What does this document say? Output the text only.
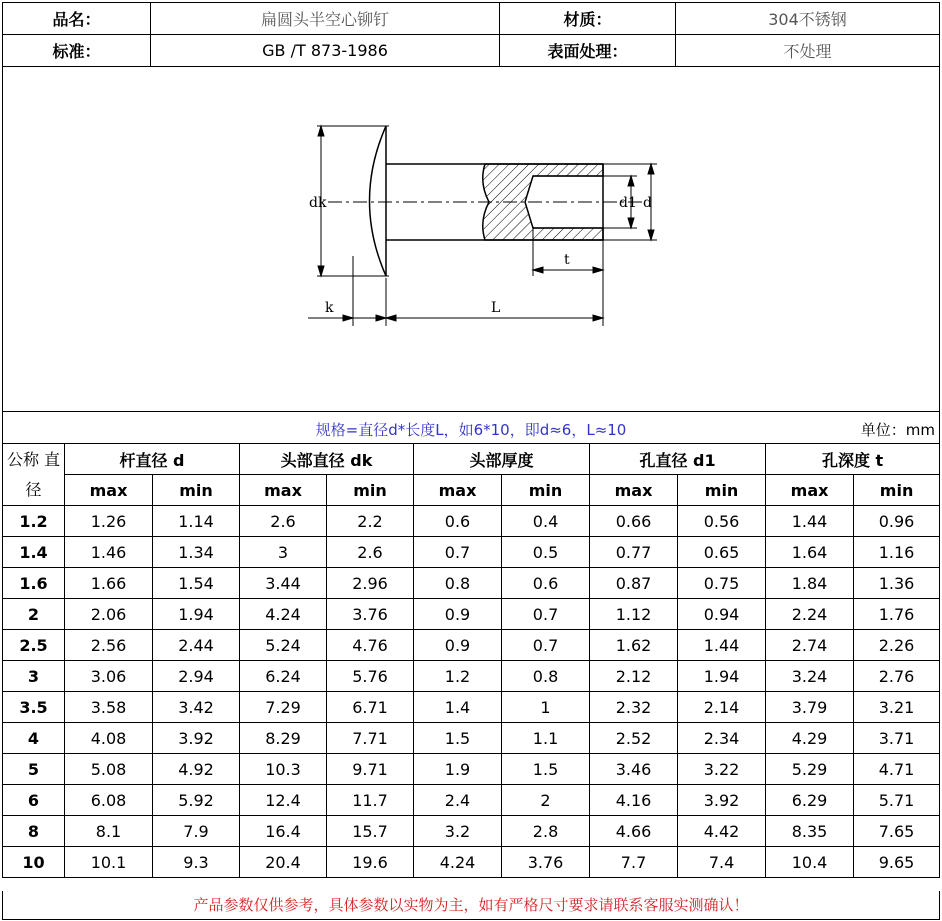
品名：	扁圆头半空心铆钉	材质：	304不锈钢
标准：	GB /T 873-1986	表面处理：	不处理
dk	d1 d
t
k	L
规格=直径d*长度L，如6*10，即d≈6，L≈10	单位：mm
公称 直
径	杆直径 d		头部直径 dk		头部厚度		孔直径 d1		孔深度 t	
	max	min	max	min	max	min	max	min	max	min
1.2	1.26	1.14	2.6	2.2	0.6	0.4	0.66	0.56	1.44	0.96
1.4	1.46	1.34	3	2.6	0.7	0.5	0.77	0.65	1.64	1.16
1.6	1.66	1.54	3.44	2.96	0.8	0.6	0.87	0.75	1.84	1.36
2	2.06	1.94	4.24	3.76	0.9	0.7	1.12	0.94	2.24	1.76
2.5	2.56	2.44	5.24	4.76	0.9	0.7	1.62	1.44	2.74	2.26
3	3.06	2.94	6.24	5.76	1.2	0.8	2.12	1.94	3.24	2.76
3.5	3.58	3.42	7.29	6.71	1.4	1	2.32	2.14	3.79	3.21
4	4.08	3.92	8.29	7.71	1.5	1.1	2.52	2.34	4.29	3.71
5	5.08	4.92	10.3	9.71	1.9	1.5	3.46	3.22	5.29	4.71
6	6.08	5.92	12.4	11.7	2.4	2	4.16	3.92	6.29	5.71
8	8.1	7.9	16.4	15.7	3.2	2.8	4.66	4.42	8.35	7.65
10	10.1	9.3	20.4	19.6	4.24	3.76	7.7	7.4	10.4	9.65
产品参数仅供参考，具体参数以实物为主，如有严格尺寸要求请联系客服实测确认！
